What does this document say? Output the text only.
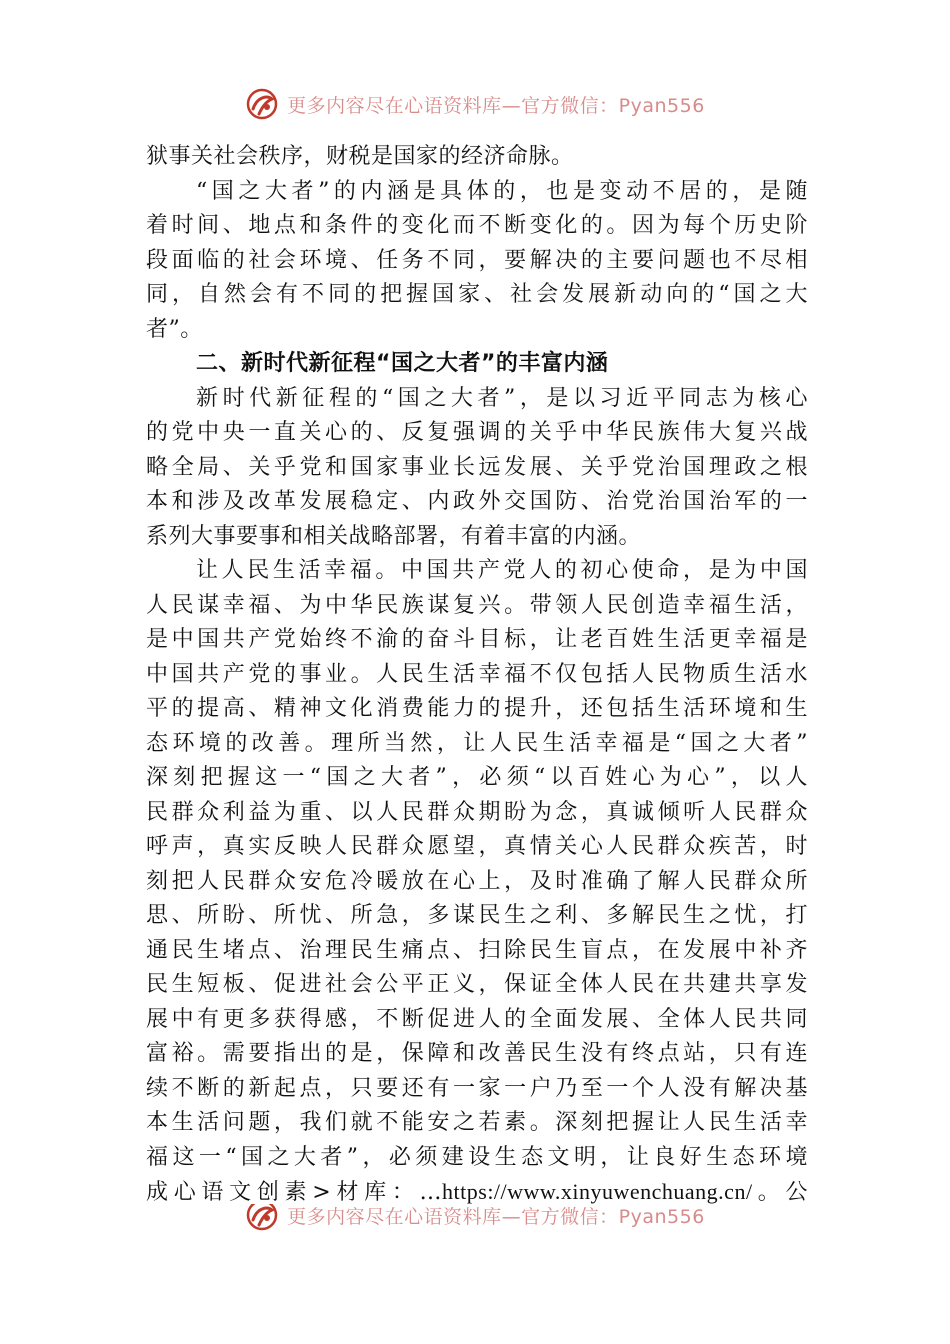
更多内容尽在心语资料库—官方微信：Pyan556
狱事关社会秩序，财税是国家的经济命脉。
“国之大者”的内涵是具体的，也是变动不居的，是随
着时间、地点和条件的变化而不断变化的。因为每个历史阶
段面临的社会环境、任务不同，要解决的主要问题也不尽相
同，自然会有不同的把握国家、社会发展新动向的“国之大
者”。
二、新时代新征程“国之大者”的丰富内涵
新时代新征程的“国之大者”，是以习近平同志为核心
的党中央一直关心的、反复强调的关乎中华民族伟大复兴战
略全局、关乎党和国家事业长远发展、关乎党治国理政之根
本和涉及改革发展稳定、内政外交国防、治党治国治军的一
系列大事要事和相关战略部署，有着丰富的内涵。
让人民生活幸福。中国共产党人的初心使命，是为中国
人民谋幸福、为中华民族谋复兴。带领人民创造幸福生活，
是中国共产党始终不渝的奋斗目标，让老百姓生活更幸福是
中国共产党的事业。人民生活幸福不仅包括人民物质生活水
平的提高、精神文化消费能力的提升，还包括生活环境和生
态环境的改善。理所当然，让人民生活幸福是“国之大者”
深刻把握这一“国之大者”，必须“以百姓心为心”，以人
民群众利益为重、以人民群众期盼为念，真诚倾听人民群众
呼声，真实反映人民群众愿望，真情关心人民群众疾苦，时
刻把人民群众安危冷暖放在心上，及时准确了解人民群众所
思、所盼、所忧、所急，多谋民生之利、多解民生之忧，打
通民生堵点、治理民生痛点、扫除民生盲点，在发展中补齐
民生短板、促进社会公平正义，保证全体人民在共建共享发
展中有更多获得感，不断促进人的全面发展、全体人民共同
富裕。需要指出的是，保障和改善民生没有终点站，只有连
续不断的新起点，只要还有一家一户乃至一个人没有解决基
本生活问题，我们就不能安之若素。深刻把握让人民生活幸
福这一“国之大者”，必须建设生态文明，让良好生态环境
成心语文创素>材库：…https://www.xinyuwenchuang.cn/。公
更多内容尽在心语资料库—官方微信：Pyan556
